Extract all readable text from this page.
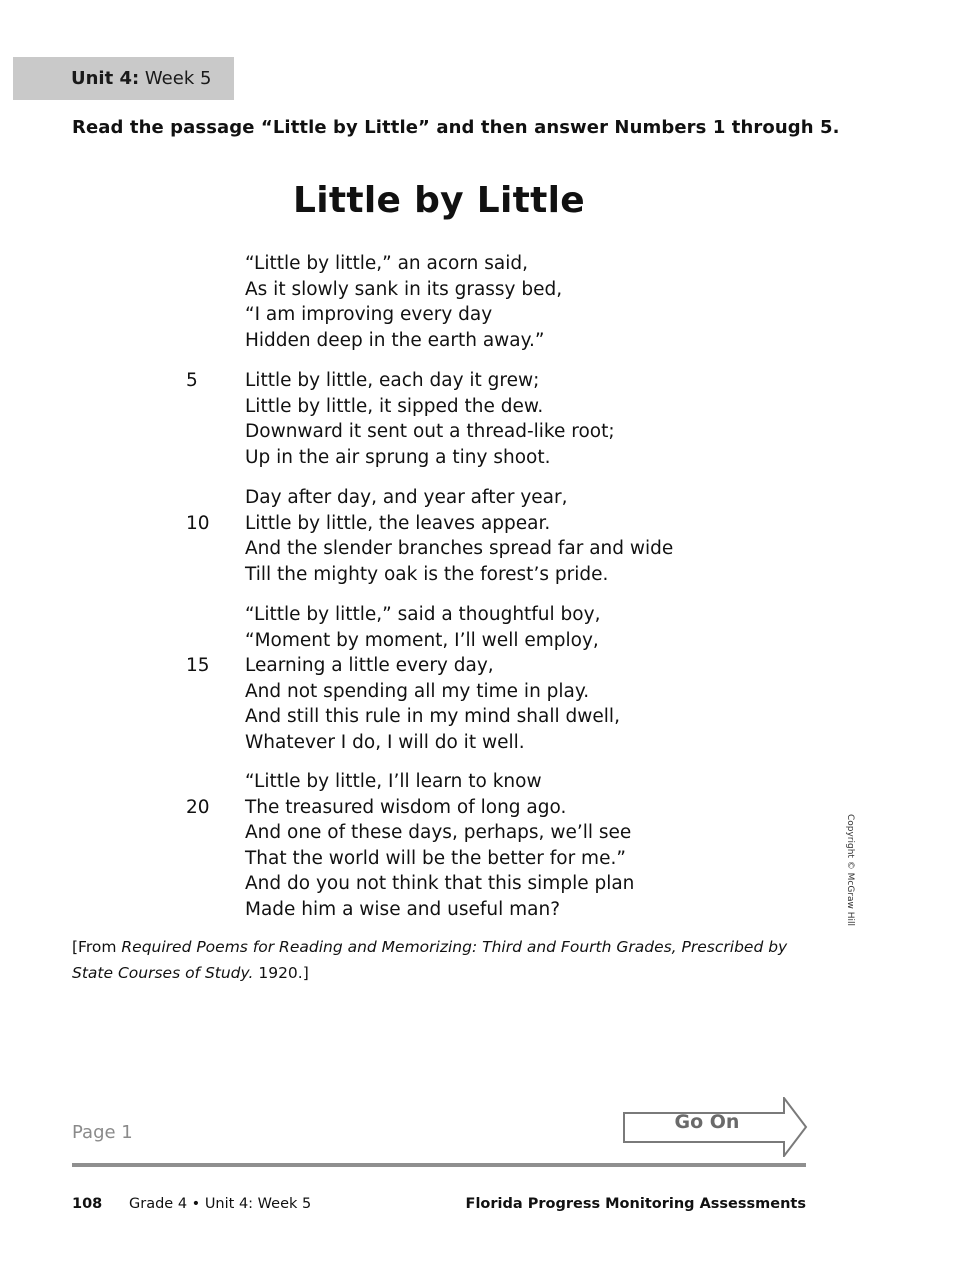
Unit 4: Week 5
Read the passage “Little by Little” and then answer Numbers 1 through 5.
Little by Little
“Little by little,” an acorn said,
As it slowly sank in its grassy bed,
“I am improving every day
Hidden deep in the earth away.”
5	Little by little, each day it grew;
Little by little, it sipped the dew.
Downward it sent out a thread-like root;
Up in the air sprung a tiny shoot.
Day after day, and year after year,
10	Little by little, the leaves appear.
And the slender branches spread far and wide
Till the mighty oak is the forest’s pride.
“Little by little,” said a thoughtful boy,
“Moment by moment, I’ll well employ,
15	Learning a little every day,
And not spending all my time in play.
And still this rule in my mind shall dwell,
Whatever I do, I will do it well.
“Little by little, I’ll learn to know
20	The treasured wisdom of long ago.
And one of these days, perhaps, we’ll see
That the world will be the better for me.”
And do you not think that this simple plan
Made him a wise and useful man?
[From Required Poems for Reading and Memorizing: Third and Fourth Grades, Prescribed by State Courses of Study. 1920.]
Copyright © McGraw Hill
Page 1	Go On
108 Grade 4 • Unit 4: Week 5	Florida Progress Monitoring Assessments
